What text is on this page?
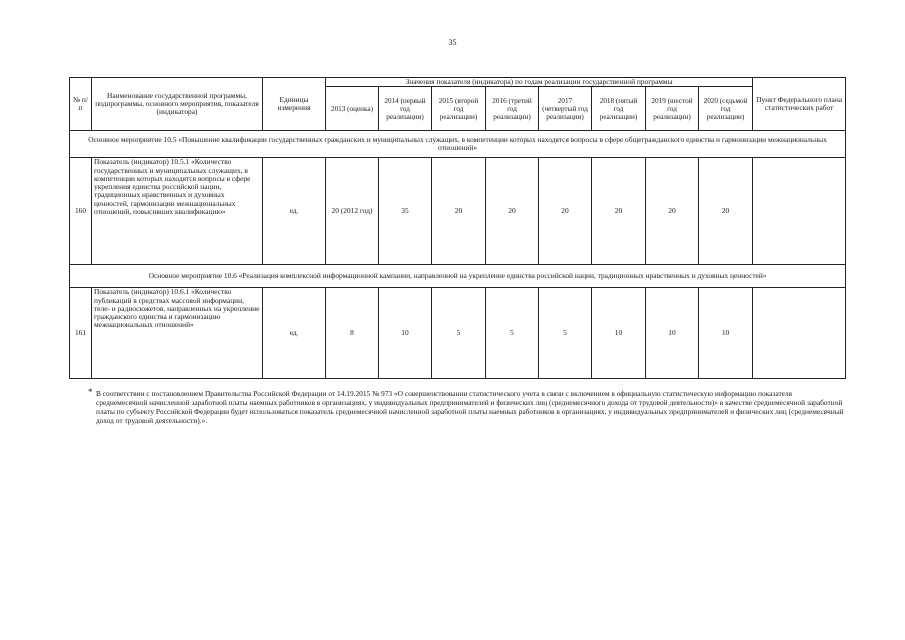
35
№ п/п	Наименование государственной программы, подпрограммы, основного мероприятия, показателя (индикатора)	Единицы измерения	Значения показателя (индикатора) по годам реализации государственной программы								Пункт Федерального плана статистических работ
			2013 (оценка)	2014 (первый год реализации)	2015 (второй год реализации)	2016 (третий год реализации)	2017 (четвертый год реализации)	2018 (пятый год реализации)	2019 (шестой год реализации)	2020 (седьмой год реализации)	
Основное мероприятие 10.5 «Повышение квалификации государственных гражданских и муниципальных служащих, в компетенции которых находятся вопросы в сфере общегражданского единства и гармонизации межнациональных отношений»											
160	Показатель (индикатор) 10.5.1 «Количество государственных и муниципальных служащих, в компетенции которых находятся вопросы в сфере укрепления единства российской нации, традиционных нравственных и духовных ценностей, гармонизации межнациональных отношений, повысивших квалификацию»	ед.	20 (2012 год)	35	20	20	20	20	20	20	
Основное мероприятие 10.6 «Реализация комплексной информационной кампании, направленной на укрепление единства российской нации, традиционных нравственных и духовных ценностей»											
161	Показатель (индикатор) 10.6.1 «Количество публикаций в средствах массовой информации, теле- и радиосюжетов, направленных на укрепление гражданского единства и гармонизацию межнациональных отношений»	ед.	8	10	5	5	5	10	10	10	
* В соответствии с постановлением Правительства Российской Федерации от 14.19.2015 № 973 «О совершенствовании статистического учета в связи с включением в официальную статистическую информацию показателя среднемесячной начисленной заработной платы наемных работников в организациях, у индивидуальных предпринимателей и физических лиц (среднемесячного дохода от трудовой деятельности)» в качестве среднемесячной заработной платы по субъекту Российской Федерации будет использоваться показатель среднемесячной начисленной заработной платы наемных работников в организациях, у индивидуальных предпринимателей и физических лиц (среднемесячный доход от трудовой деятельности).».
